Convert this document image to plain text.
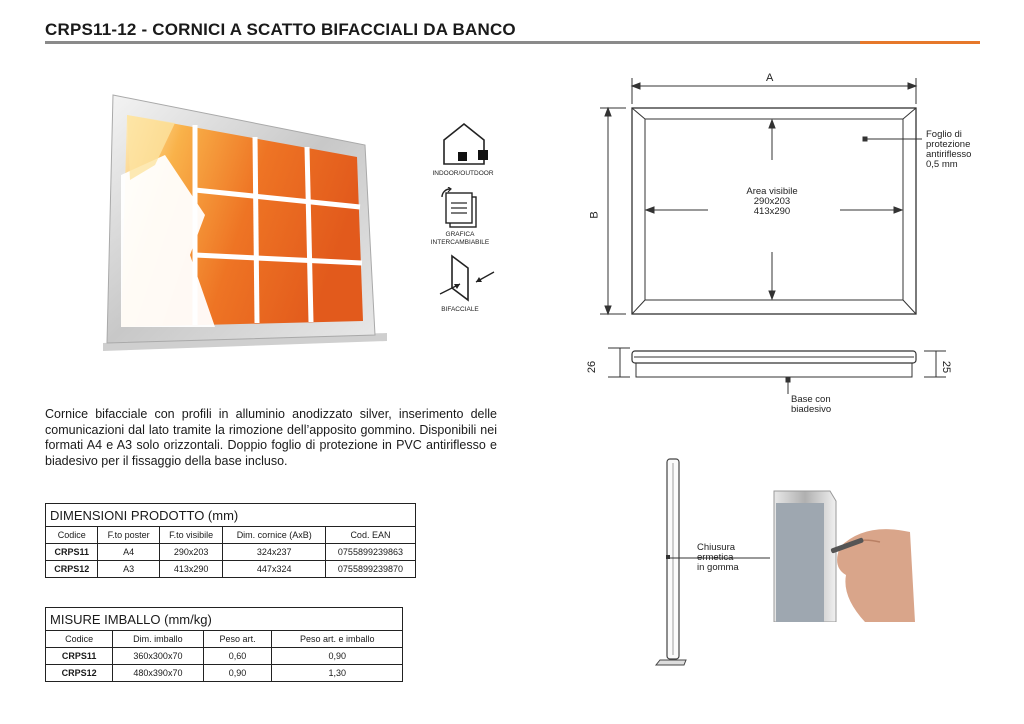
CRPS11-12 - CORNICI A SCATTO BIFACCIALI DA BANCO
INDOOR/OUTDOOR
GRAFICA
INTERCAMBIABILE
BIFACCIALE
A
B
Area visibile
290x203
413x290
Foglio di
protezione
antiriflesso
0,5 mm
26	25
Base con
biadesivo
Chiusura
ermetica
in gomma
Cornice bifacciale con profili in alluminio anodizzato silver, inserimento delle comunicazioni dal lato tramite la rimozione dell’apposito gommino. Disponibili nei formati A4 e A3 solo orizzontali. Doppio foglio di protezione in PVC antiriflesso e biadesivo per il fissaggio della base incluso.
DIMENSIONI PRODOTTO (mm)				
Codice	F.to poster	F.to visibile	Dim. cornice (AxB)	Cod. EAN
CRPS11	A4	290x203	324x237	0755899239863
CRPS12	A3	413x290	447x324	0755899239870
MISURE IMBALLO (mm/kg)			
Codice	Dim. imballo	Peso art.	Peso art. e imballo
CRPS11	360x300x70	0,60	0,90
CRPS12	480x390x70	0,90	1,30
